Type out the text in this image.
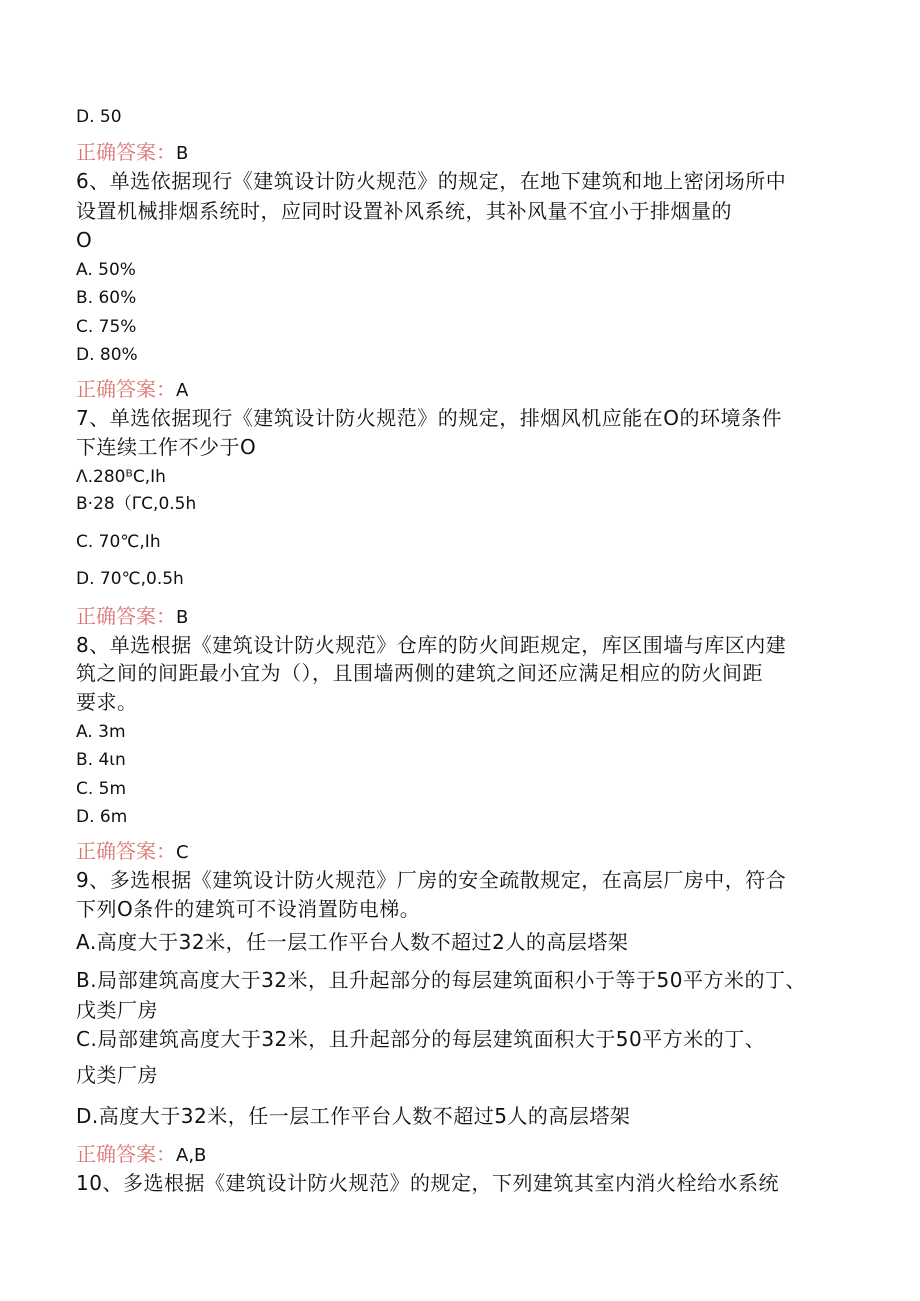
D. 50
正确答案：B
6、单选依据现行《建筑设计防火规范》的规定，在地下建筑和地上密闭场所中
设置机械排烟系统时，应同时设置补风系统，其补风量不宜小于排烟量的
O
A. 50%
B. 60%
C. 75%
D. 80%
正确答案：A
7、单选依据现行《建筑设计防火规范》的规定，排烟风机应能在O的环境条件
下连续工作不少于O
Λ.280ᴮC,Ih
B·28（ΓC,0.5h
C. 70℃,Ih
D. 70℃,0.5h
正确答案：B
8、单选根据《建筑设计防火规范》仓库的防火间距规定，库区围墙与库区内建
筑之间的间距最小宜为（），且围墙两侧的建筑之间还应满足相应的防火间距
要求。
A. 3m
B. 4ιn
C. 5m
D. 6m
正确答案：C
9、多选根据《建筑设计防火规范》厂房的安全疏散规定，在高层厂房中，符合
下列O条件的建筑可不设消置防电梯。
A.高度大于32米，任一层工作平台人数不超过2人的高层塔架
B.局部建筑高度大于32米，且升起部分的每层建筑面积小于等于50平方米的丁、
戊类厂房
C.局部建筑高度大于32米，且升起部分的每层建筑面积大于50平方米的丁、
戊类厂房
D.高度大于32米，任一层工作平台人数不超过5人的高层塔架
正确答案：A,B
10、多选根据《建筑设计防火规范》的规定，下列建筑其室内消火栓给水系统
